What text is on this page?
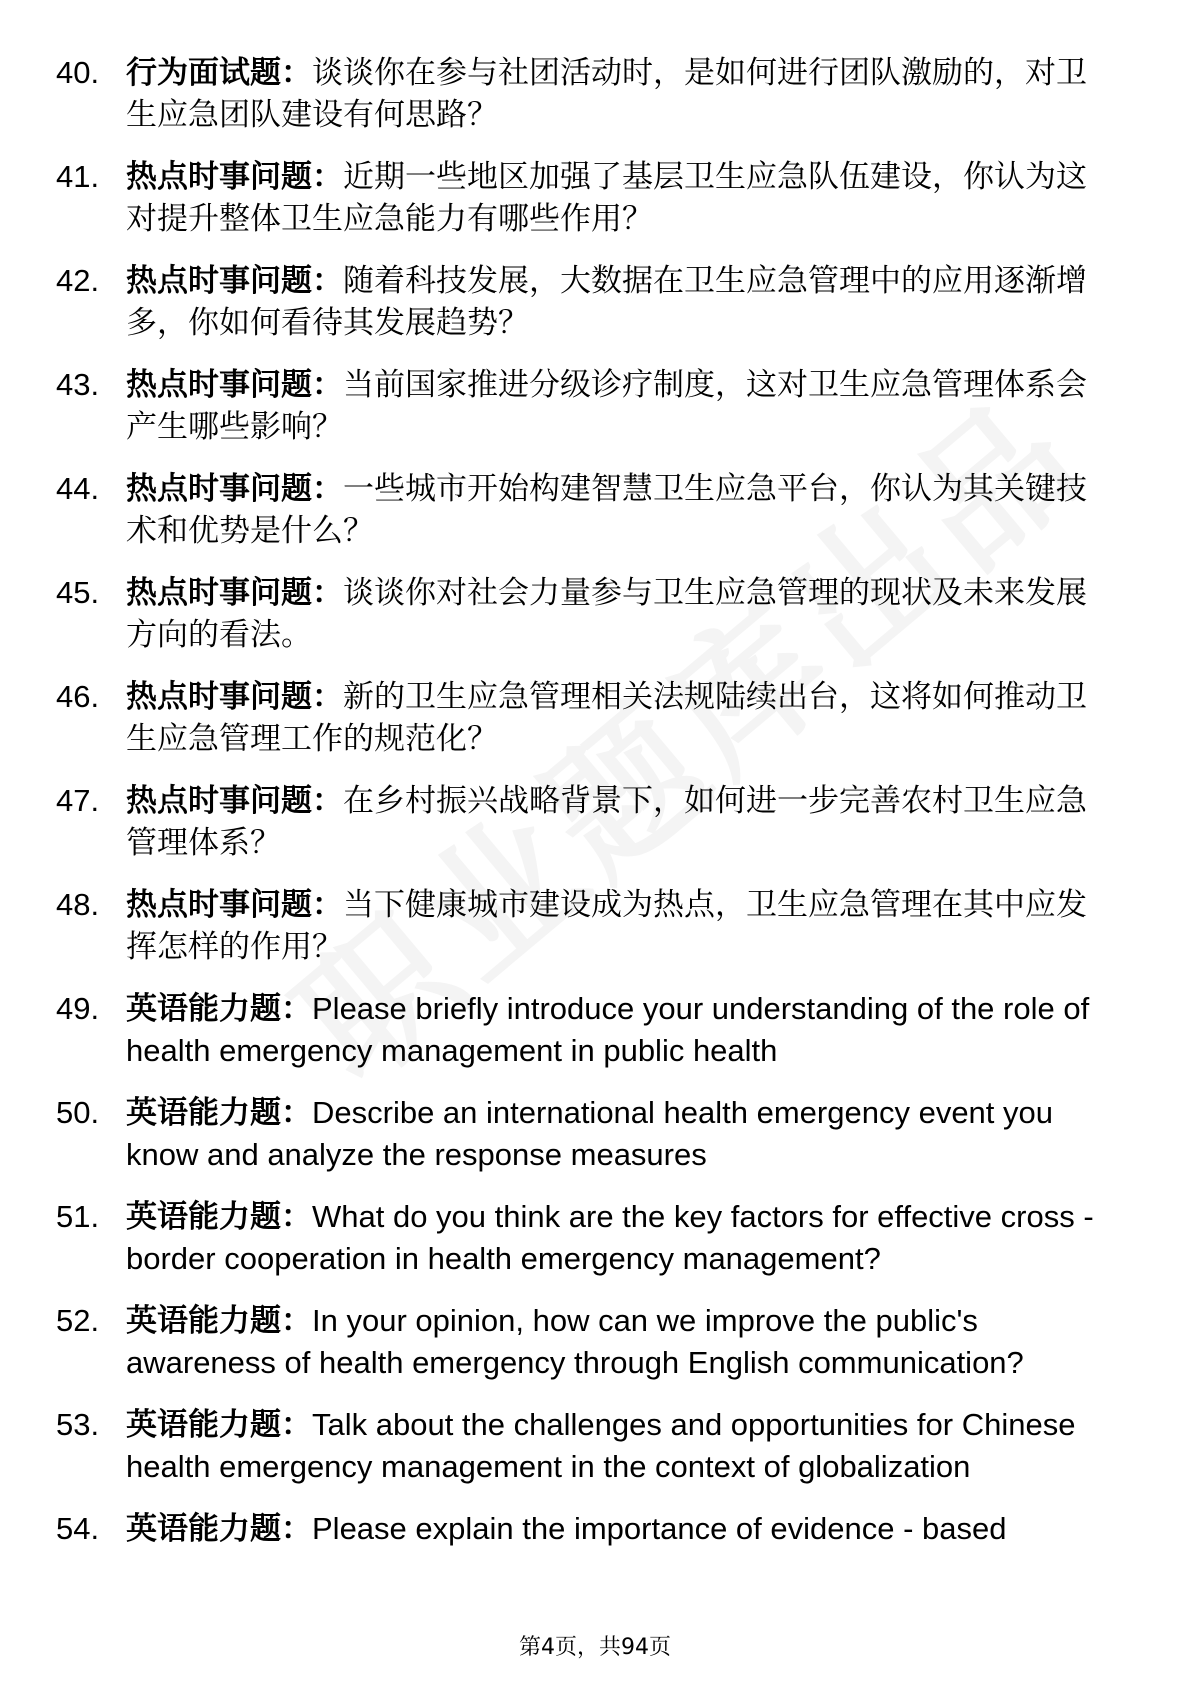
40. 行为面试题：谈谈你在参与社团活动时，是如何进行团队激励的，对卫生应急团队建设有何思路？
41. 热点时事问题：近期一些地区加强了基层卫生应急队伍建设，你认为这对提升整体卫生应急能力有哪些作用？
42. 热点时事问题：随着科技发展，大数据在卫生应急管理中的应用逐渐增多，你如何看待其发展趋势？
43. 热点时事问题：当前国家推进分级诊疗制度，这对卫生应急管理体系会产生哪些影响？
44. 热点时事问题：一些城市开始构建智慧卫生应急平台，你认为其关键技术和优势是什么？
45. 热点时事问题：谈谈你对社会力量参与卫生应急管理的现状及未来发展方向的看法。
46. 热点时事问题：新的卫生应急管理相关法规陆续出台，这将如何推动卫生应急管理工作的规范化？
47. 热点时事问题：在乡村振兴战略背景下，如何进一步完善农村卫生应急管理体系？
48. 热点时事问题：当下健康城市建设成为热点，卫生应急管理在其中应发挥怎样的作用？
49. 英语能力题：Please briefly introduce your understanding of the role of health emergency management in public health
50. 英语能力题：Describe an international health emergency event you know and analyze the response measures
51. 英语能力题：What do you think are the key factors for effective cross - border cooperation in health emergency management?
52. 英语能力题：In your opinion, how can we improve the public's awareness of health emergency through English communication?
53. 英语能力题：Talk about the challenges and opportunities for Chinese health emergency management in the context of globalization
54. 英语能力题：Please explain the importance of evidence - based
第4页，共94页
